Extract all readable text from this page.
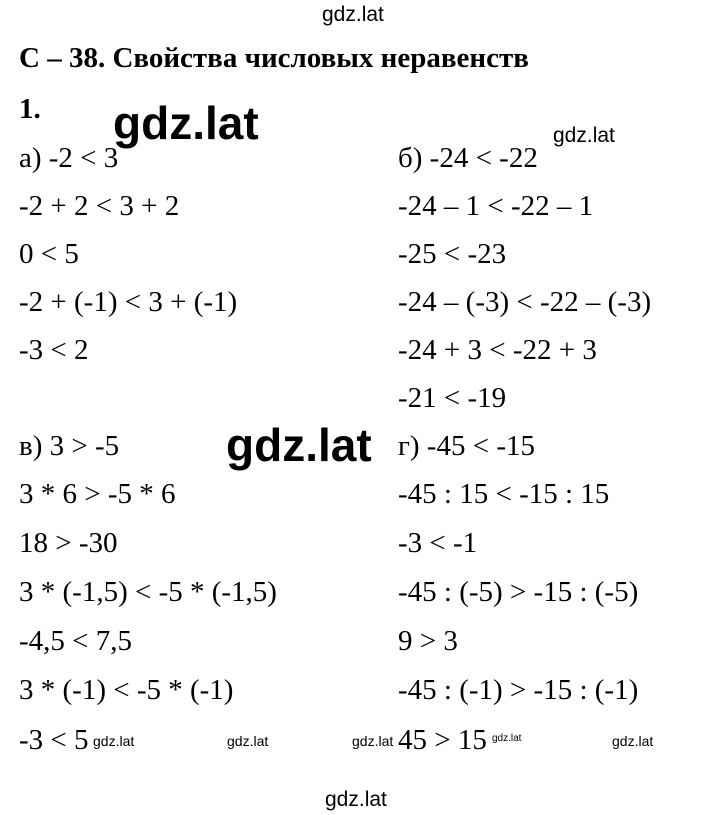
gdz.lat
С – 38. Свойства числовых неравенств
1.
а) -2 < 3
-2 + 2 < 3 + 2
0 < 5
-2 + (-1) < 3 + (-1)
-3 < 2
б) -24 < -22
-24 – 1 < -22 – 1
-25 < -23
-24 – (-3) < -22 – (-3)
-24 + 3 < -22 + 3
-21 < -19
в) 3 > -5
3 * 6 > -5 * 6
18 > -30
3 * (-1,5) < -5 * (-1,5)
-4,5 < 7,5
3 * (-1) < -5 * (-1)
-3 < 5
г) -45 < -15
-45 : 15 < -15 : 15
-3 < -1
-45 : (-5) > -15 : (-5)
9 > 3
-45 : (-1) > -15 : (-1)
45 > 15
gdz.lat	gdz.lat
gdz.lat
gdz.lat	gdz.lat	gdz.lat	gdz.lat	gdz.lat
gdz.lat
